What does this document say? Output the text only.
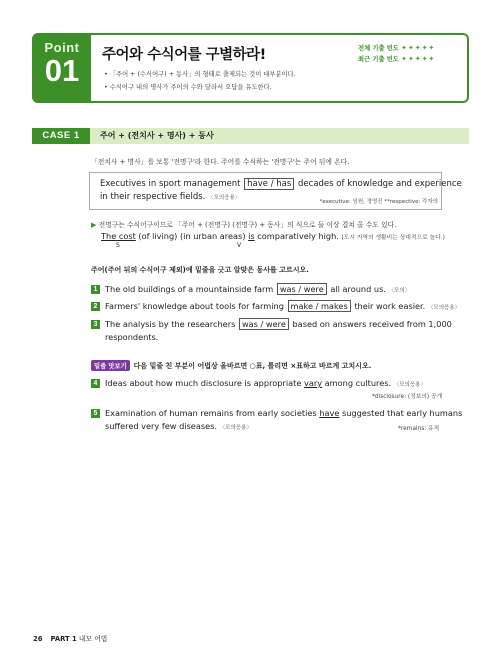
Point
01	주어와 수식어를 구별하라!
• 「주어 + (수식어구) + 동사」의 형태로 출제되는 것이 대부분이다.
• 수식어구 내의 명사가 주어의 수와 달라서 오답을 유도한다.
전체 기출 빈도 ✦✦✦✦✦
최근 기출 빈도 ✦✦✦✦✦
CASE 1	주어 + (전치사 + 명사) + 동사
「전치사 + 명사」를 보통 '전명구'라 한다. 주어를 수식하는 '전명구'는 주어 뒤에 온다.
Executives in sport management have / has decades of knowledge and experience
in their respective fields. 〈모의응용〉
*executive: 임원, 경영진 **respective: 각자의
▶ 전명구는 수식어구이므로 「주어 + (전명구) (전명구) + 동사」의 식으로 둘 이상 겹쳐 올 수도 있다.
The cost (of living) (in urban areas) is comparatively high. (도시 지역의 생활비는 상대적으로 높다.)
S	V
주어(주어 뒤의 수식어구 제외)에 밑줄을 긋고 알맞은 동사를 고르시오.
1 The old buildings of a mountainside farm was / were all around us. 〈모의〉
2 Farmers' knowledge about tools for farming make / makes their work easier. 〈모의응용〉
3 The analysis by the researchers was / were based on answers received from 1,000
respondents.
밑줄 맛보기 다음 밑줄 친 부분이 어법상 올바르면 ○표, 틀리면 ×표하고 바르게 고치시오.
4 Ideas about how much disclosure is appropriate vary among cultures. 〈모의응용〉
*disclosure: (정보의) 공개
5 Examination of human remains from early societies have suggested that early humans
suffered very few diseases. 〈모의응용〉	*remains: 유적
26 PART 1 내모 어법
